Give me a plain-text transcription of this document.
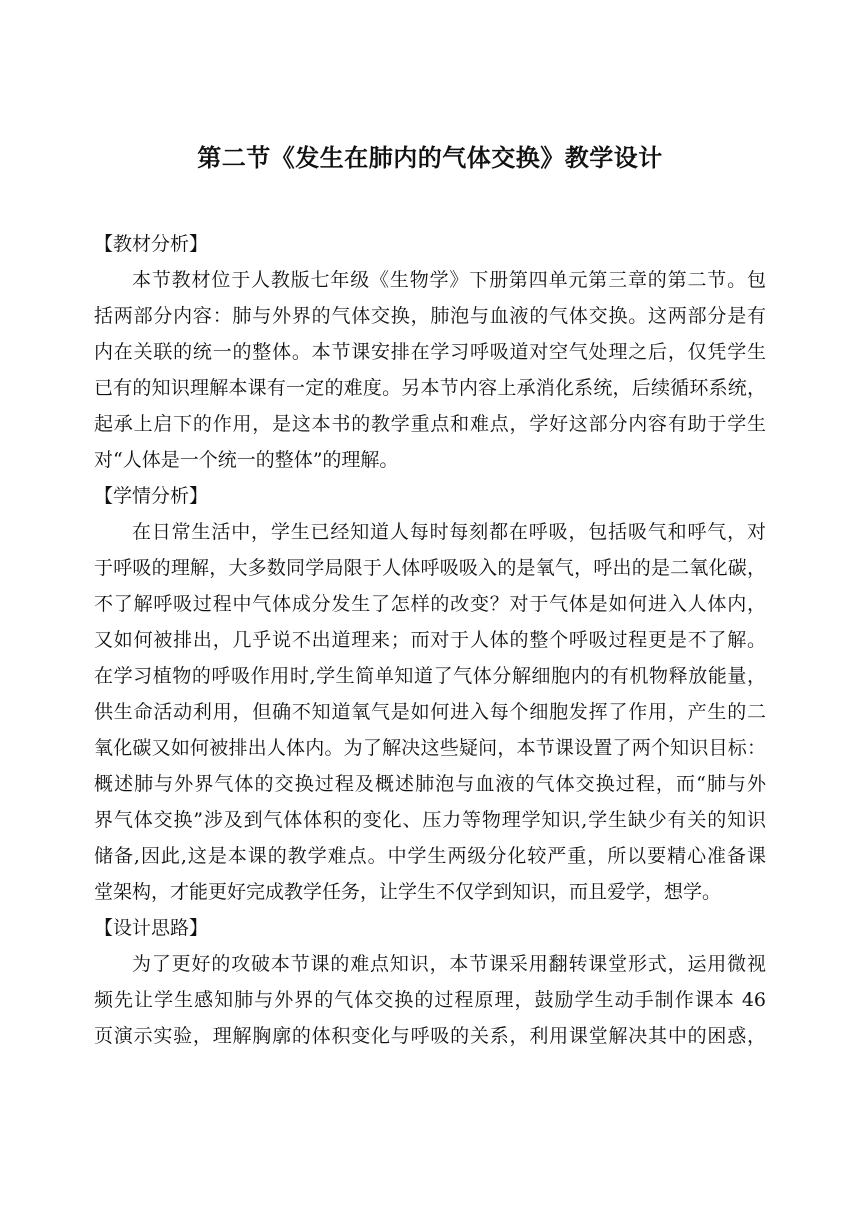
第二节《发生在肺内的气体交换》教学设计
【教材分析】
本节教材位于人教版七年级《生物学》下册第四单元第三章的第二节。包
括两部分内容：肺与外界的气体交换，肺泡与血液的气体交换。这两部分是有
内在关联的统一的整体。本节课安排在学习呼吸道对空气处理之后，仅凭学生
已有的知识理解本课有一定的难度。另本节内容上承消化系统，后续循环系统，
起承上启下的作用，是这本书的教学重点和难点，学好这部分内容有助于学生
对“人体是一个统一的整体”的理解。
【学情分析】
在日常生活中，学生已经知道人每时每刻都在呼吸，包括吸气和呼气，对
于呼吸的理解，大多数同学局限于人体呼吸吸入的是氧气，呼出的是二氧化碳，
不了解呼吸过程中气体成分发生了怎样的改变？对于气体是如何进入人体内，
又如何被排出，几乎说不出道理来；而对于人体的整个呼吸过程更是不了解。
在学习植物的呼吸作用时,学生简单知道了气体分解细胞内的有机物释放能量，
供生命活动利用，但确不知道氧气是如何进入每个细胞发挥了作用，产生的二
氧化碳又如何被排出人体内。为了解决这些疑问，本节课设置了两个知识目标：
概述肺与外界气体的交换过程及概述肺泡与血液的气体交换过程，而“肺与外
界气体交换”涉及到气体体积的变化、压力等物理学知识,学生缺少有关的知识
储备,因此,这是本课的教学难点。中学生两级分化较严重，所以要精心准备课
堂架构，才能更好完成教学任务，让学生不仅学到知识，而且爱学，想学。
【设计思路】
为了更好的攻破本节课的难点知识，本节课采用翻转课堂形式，运用微视
频先让学生感知肺与外界的气体交换的过程原理，鼓励学生动手制作课本 46
页演示实验，理解胸廓的体积变化与呼吸的关系，利用课堂解决其中的困惑，
